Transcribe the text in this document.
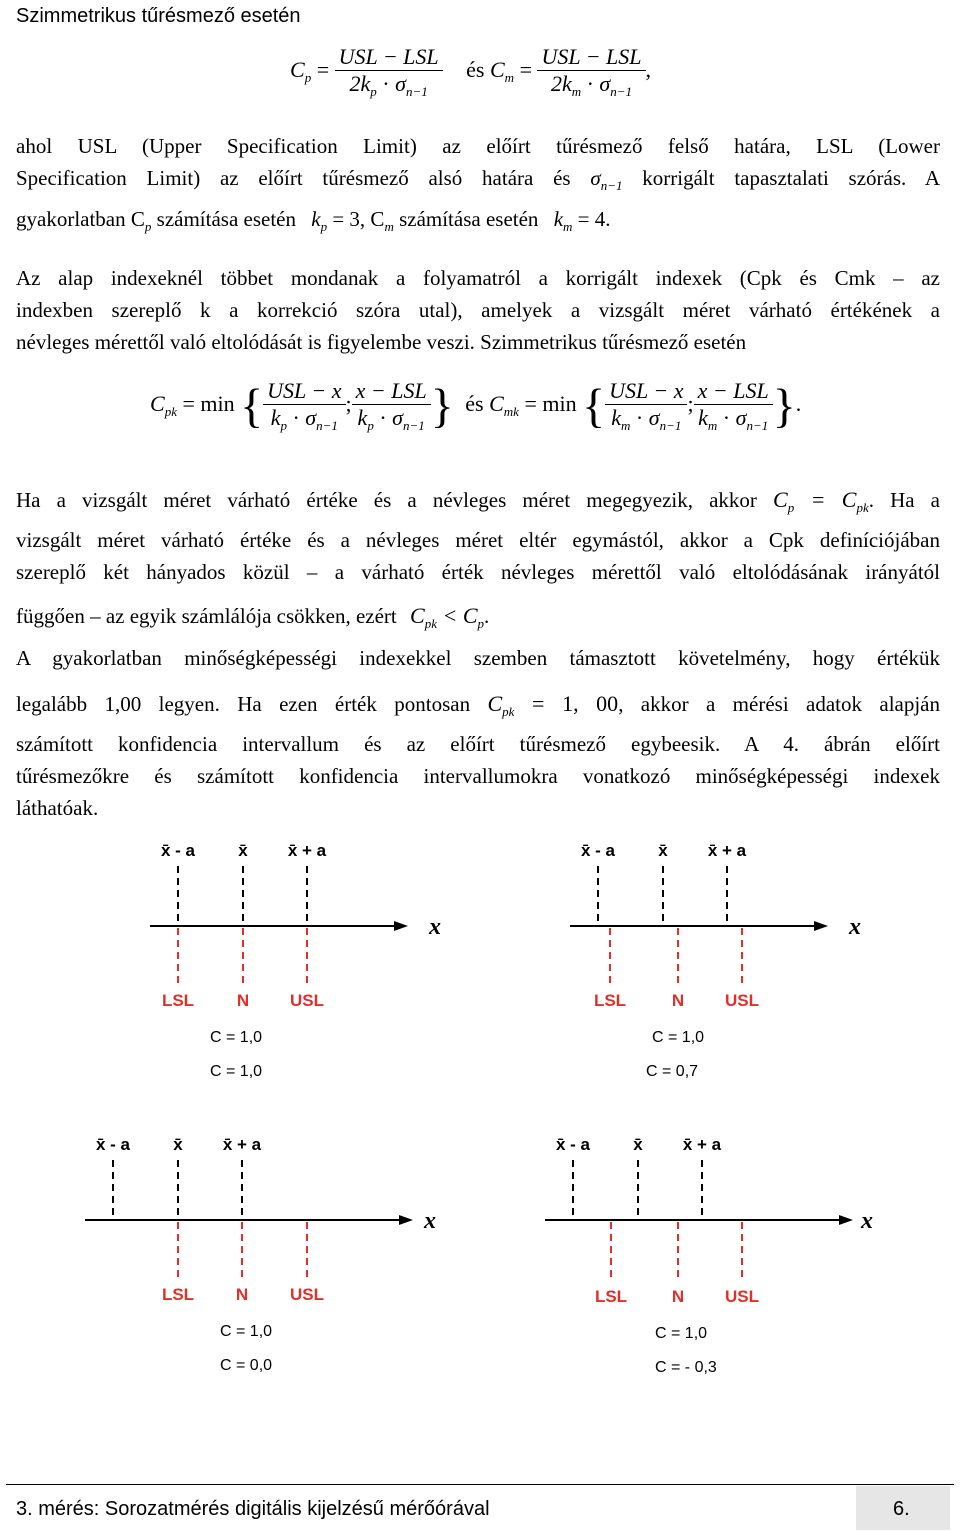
Szimmetrikus tűrésmező esetén
$C_p = \frac{\text{USL − LSL}}{2k_p \cdot \sigma_{n-1}}$ és $C_m = \frac{\text{USL − LSL}}{2k_m \cdot \sigma_{n-1}}$ ,
ahol USL (Upper Specification Limit) az előírt tűrésmező felső határa, LSL (Lower
Specification Limit) az előírt tűrésmező alsó határa és $\sigma_{n-1}$ korrigált tapasztalati szórás. A
gyakorlatban $C_p$ számítása esetén $k_p = 3$, $C_m$ számítása esetén $k_m = 4$.
Az alap indexeknél többet mondanak a folyamatról a korrigált indexek (Cpk és Cmk – az
indexben szereplő k a korrekció szóra utal), amelyek a vizsgált méret várható értékének a
névleges mérettől való eltolódását is figyelembe veszi. Szimmetrikus tűrésmező esetén
$C_{pk} = \min$ { $\frac{\text{USL − x}}{k_p \cdot \sigma_{n-1}}$ ; $\frac{\text{x − LSL}}{k_p \cdot \sigma_{n-1}}$ } és $C_{mk} = \min$ { $\frac{\text{USL − x}}{k_m \cdot \sigma_{n-1}}$ ; $\frac{\text{x − LSL}}{k_m \cdot \sigma_{n-1}}$ }.
Ha a vizsgált méret várható értéke és a névleges méret megegyezik, akkor $C_p = C_{pk}$. Ha a
vizsgált méret várható értéke és a névleges méret eltér egymástól, akkor a Cpk definíciójában
szereplő két hányados közül – a várható érték névleges mérettől való eltolódásának irányától
függően – az egyik számlálója csökken, ezért $C_{pk} < C_p$.
A gyakorlatban minőségképességi indexekkel szemben támasztott követelmény, hogy értékük
legalább 1,00 legyen. Ha ezen érték pontosan $C_{pk} = 1$, 00, akkor a mérési adatok alapján
számított konfidencia intervallum és az előírt tűrésmező egybeesik. A 4. ábrán előírt
tűrésmezőkre és számított konfidencia intervallumokra vonatkozó minőségképességi indexek
láthatóak.
x̄ - a	x̄ x̄ + a
x
LSL	N USL
C = 1,0
C = 1,0
x̄ - a	x̄ x̄ + a
x
LSL	N USL
C = 1,0
C = 0,7
x̄ - a	x̄ x̄ + a
x
LSL N USL
C = 1,0
C = 0,0
x̄ - a	x̄ x̄ + a
x
LSL	N USL
C = 1,0
C = - 0,3
3. mérés: Sorozatmérés digitális kijelzésű mérőórával	6.
